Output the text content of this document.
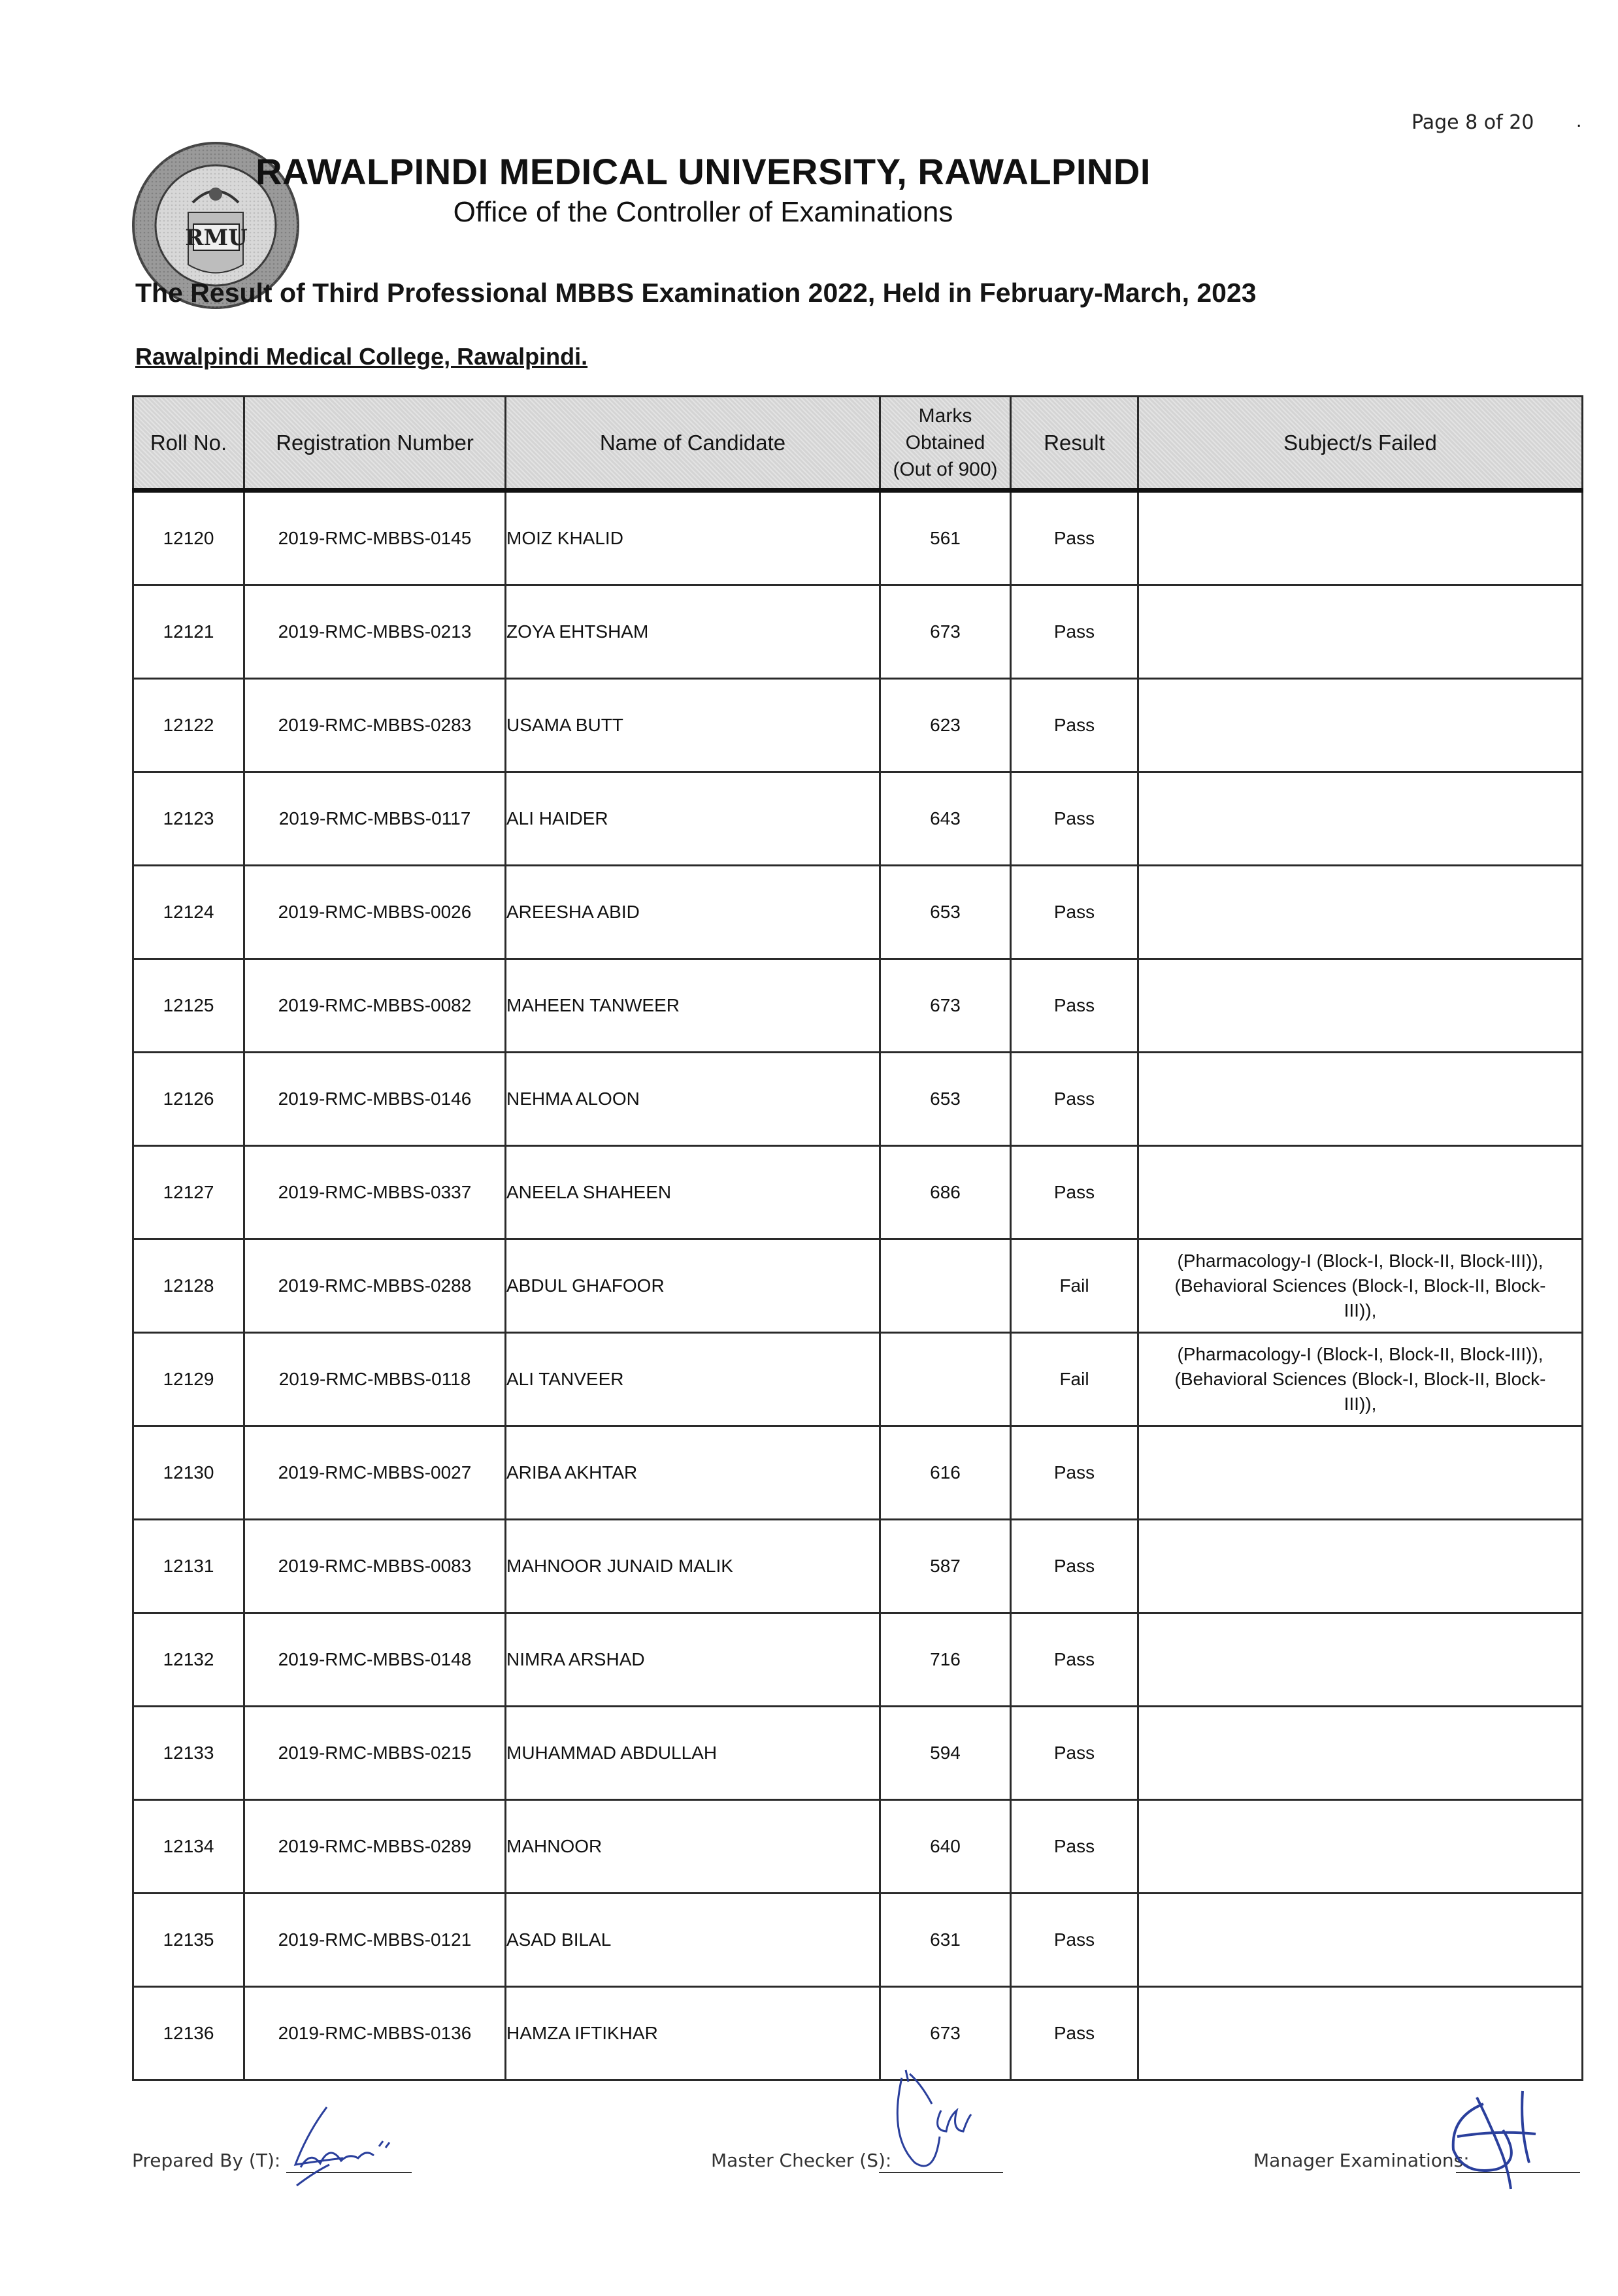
Page 8 of 20 .
RMU
RAWALPINDI MEDICAL UNIVERSITY, RAWALPINDI
Office of the Controller of Examinations
The Result of Third Professional MBBS Examination 2022, Held in February-March, 2023
Rawalpindi Medical College, Rawalpindi.
Roll No.	Registration Number	Name of Candidate	Marks
Obtained
(Out of 900)	Result	Subject/s Failed
12120	2019-RMC-MBBS-0145	MOIZ KHALID	561	Pass	
12121	2019-RMC-MBBS-0213	ZOYA EHTSHAM	673	Pass	
12122	2019-RMC-MBBS-0283	USAMA BUTT	623	Pass	
12123	2019-RMC-MBBS-0117	ALI HAIDER	643	Pass	
12124	2019-RMC-MBBS-0026	AREESHA ABID	653	Pass	
12125	2019-RMC-MBBS-0082	MAHEEN TANWEER	673	Pass	
12126	2019-RMC-MBBS-0146	NEHMA ALOON	653	Pass	
12127	2019-RMC-MBBS-0337	ANEELA SHAHEEN	686	Pass	
12128	2019-RMC-MBBS-0288	ABDUL GHAFOOR		Fail	(Pharmacology-I (Block-I, Block-II, Block-III)),
(Behavioral Sciences (Block-I, Block-II, Block-
III)),

12129	2019-RMC-MBBS-0118	ALI TANVEER		Fail	(Pharmacology-I (Block-I, Block-II, Block-III)),
(Behavioral Sciences (Block-I, Block-II, Block-
III)),

12130	2019-RMC-MBBS-0027	ARIBA AKHTAR	616	Pass	
12131	2019-RMC-MBBS-0083	MAHNOOR JUNAID MALIK	587	Pass	
12132	2019-RMC-MBBS-0148	NIMRA ARSHAD	716	Pass	
12133	2019-RMC-MBBS-0215	MUHAMMAD ABDULLAH	594	Pass	
12134	2019-RMC-MBBS-0289	MAHNOOR	640	Pass	
12135	2019-RMC-MBBS-0121	ASAD BILAL	631	Pass	
12136	2019-RMC-MBBS-0136	HAMZA IFTIKHAR	673	Pass	
Prepared By (T):	Master Checker (S):	Manager Examinations:
